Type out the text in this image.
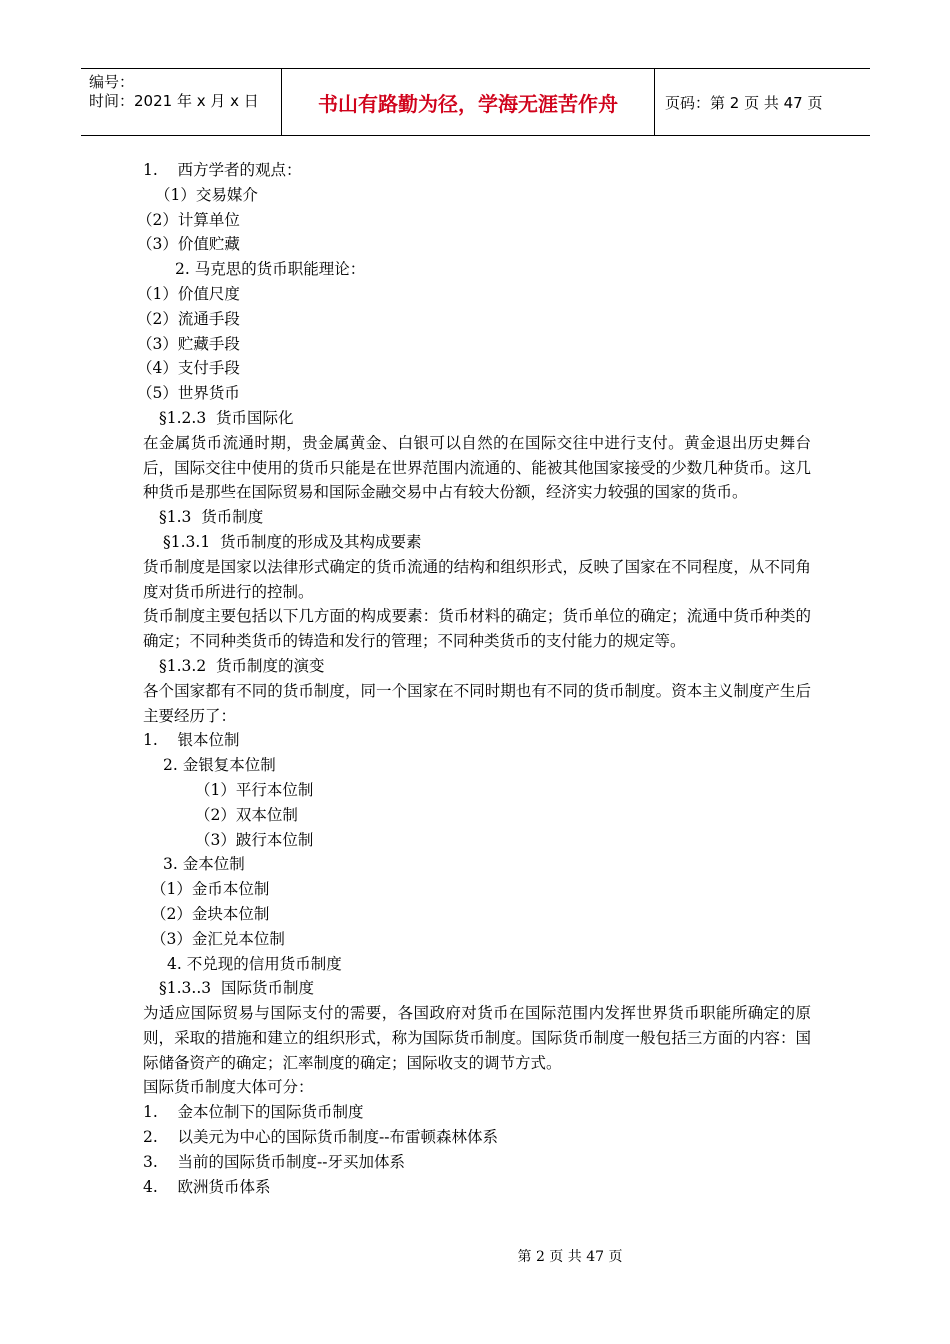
编号：
时间：2021 年 x 月 x 日	书山有路勤为径，学海无涯苦作舟	页码：第 2 页 共 47 页

1.    西方学者的观点：

（1）交易媒介

（2）计算单位

（3）价值贮藏

2. 马克思的货币职能理论：

（1）价值尺度

（2）流通手段

（3）贮藏手段

（4）支付手段

（5）世界货币

§1.2.3  货币国际化

在金属货币流通时期，贵金属黄金、白银可以自然的在国际交往中进行支付。黄金退出历史舞台后，国际交往中使用的货币只能是在世界范围内流通的、能被其他国家接受的少数几种货币。这几种货币是那些在国际贸易和国际金融交易中占有较大份额，经济实力较强的国家的货币。

§1.3  货币制度

§1.3.1  货币制度的形成及其构成要素

货币制度是国家以法律形式确定的货币流通的结构和组织形式，反映了国家在不同程度，从不同角度对货币所进行的控制。

货币制度主要包括以下几方面的构成要素：货币材料的确定；货币单位的确定；流通中货币种类的确定；不同种类货币的铸造和发行的管理；不同种类货币的支付能力的规定等。

§1.3.2  货币制度的演变

各个国家都有不同的货币制度，同一个国家在不同时期也有不同的货币制度。资本主义制度产生后主要经历了：

1.    银本位制

2. 金银复本位制

（1）平行本位制

（2）双本位制

（3）跛行本位制

3. 金本位制

（1）金币本位制

（2）金块本位制

（3）金汇兑本位制

4. 不兑现的信用货币制度

§1.3..3  国际货币制度

为适应国际贸易与国际支付的需要，各国政府对货币在国际范围内发挥世界货币职能所确定的原则，采取的措施和建立的组织形式，称为国际货币制度。国际货币制度一般包括三方面的内容：国际储备资产的确定；汇率制度的确定；国际收支的调节方式。

国际货币制度大体可分：

1.    金本位制下的国际货币制度

2.    以美元为中心的国际货币制度--布雷顿森林体系

3.    当前的国际货币制度--牙买加体系

4.    欧洲货币体系

第 2 页 共 47 页
